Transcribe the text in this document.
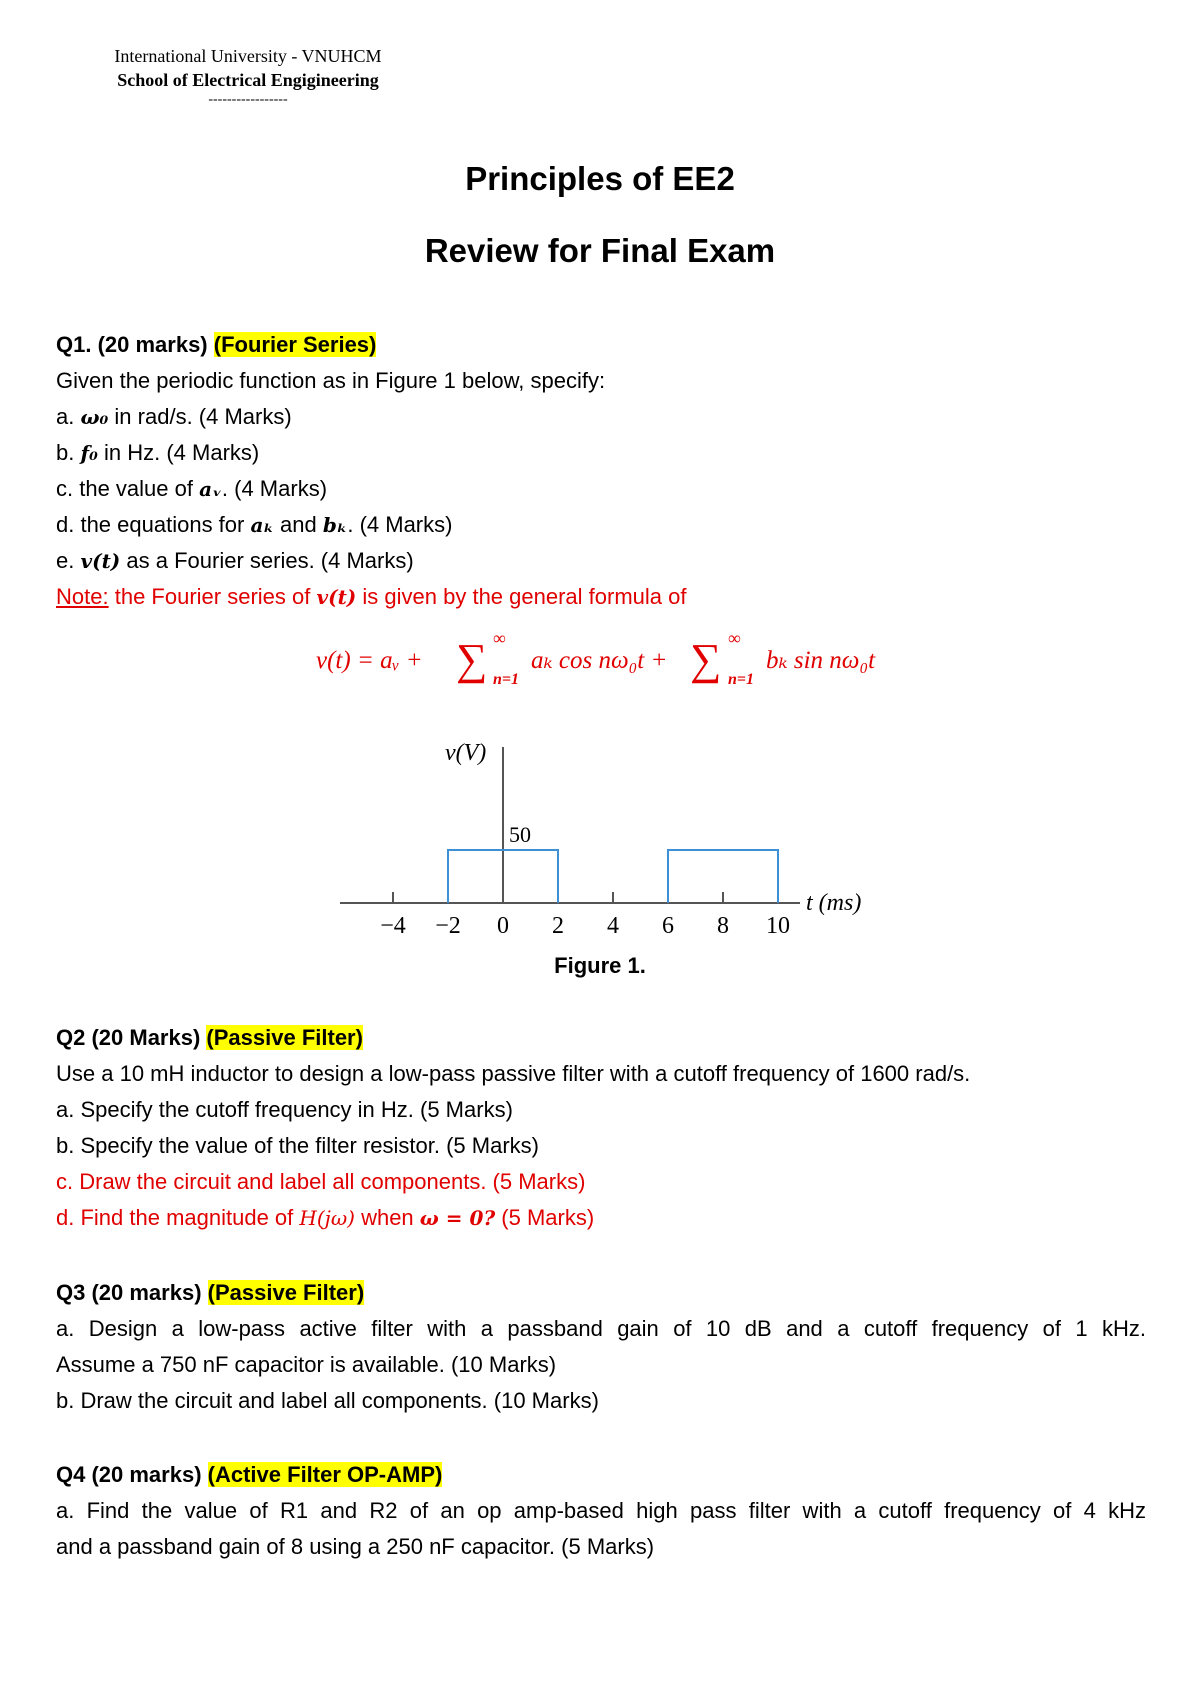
International University - VNUHCM
School of Electrical Engigineering
-----------------
Principles of EE2
Review for Final Exam
Q1. (20 marks) (Fourier Series)
Given the periodic function as in Figure 1 below, specify:
a. ω₀ in rad/s. (4 Marks)
b. f₀ in Hz. (4 Marks)
c. the value of aᵥ. (4 Marks)
d. the equations for aₖ and bₖ. (4 Marks)
e. v(t) as a Fourier series. (4 Marks)
Note: the Fourier series of v(t) is given by the general formula of
v(t) = aᵥ + ∑ ∞
n=1
aₖ cos nω₀t + ∑ ∞
n=1
bₖ sin nω₀t
v(V)
t (ms)
50
−4 −2 0 2 4 6 8 10
Figure 1.
Q2 (20 Marks) (Passive Filter)
Use a 10 mH inductor to design a low-pass passive filter with a cutoff frequency of 1600 rad/s.
a. Specify the cutoff frequency in Hz. (5 Marks)
b. Specify the value of the filter resistor. (5 Marks)
c. Draw the circuit and label all components. (5 Marks)
d. Find the magnitude of H(jω) when ω = 0? (5 Marks)
Q3 (20 marks) (Passive Filter)
a. Design a low-pass active filter with a passband gain of 10 dB and a cutoff frequency of 1 kHz.
Assume a 750 nF capacitor is available. (10 Marks)
b. Draw the circuit and label all components. (10 Marks)
Q4 (20 marks) (Active Filter OP-AMP)
a. Find the value of R1 and R2 of an op amp-based high pass filter with a cutoff frequency of 4 kHz
and a passband gain of 8 using a 250 nF capacitor. (5 Marks)
